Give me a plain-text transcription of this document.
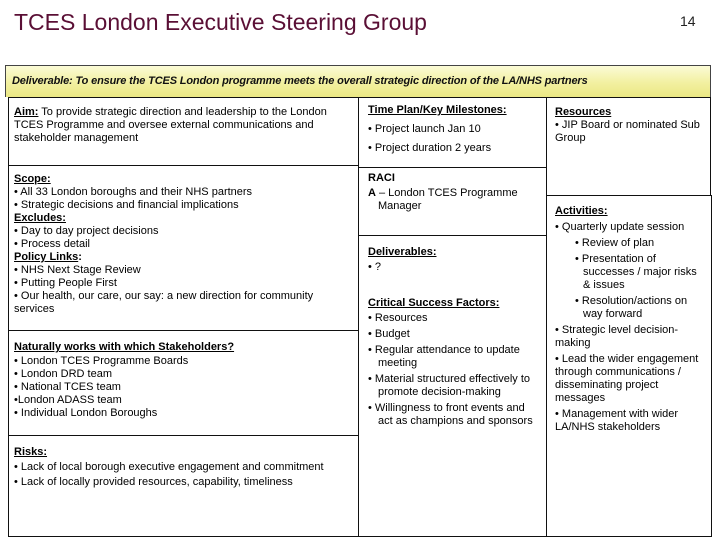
TCES London Executive Steering Group	14
Deliverable: To ensure the TCES London programme meets the overall strategic direction of the LA/NHS partners
Aim: To provide strategic direction and leadership to the London TCES Programme and oversee external communications and stakeholder management
Scope:
• All 33 London boroughs and their NHS partners
• Strategic decisions and financial implications
Excludes:
• Day to day project decisions
• Process detail
Policy Links:
• NHS Next Stage Review
• Putting People First
• Our health, our care, our say: a new direction for community services
Naturally works with which Stakeholders?
• London TCES Programme Boards
• London DRD team
• National TCES team
•London ADASS team
• Individual London Boroughs
Risks:
• Lack of local borough executive engagement and commitment
• Lack of locally provided resources, capability, timeliness
Time Plan/Key Milestones:
• Project launch Jan 10
• Project duration 2 years
RACI
A – London TCES Programme Manager
Deliverables:
• ?
Critical Success Factors:
• Resources
• Budget
• Regular attendance to update meeting
• Material structured effectively to promote decision-making
• Willingness to front events and act as champions and sponsors
Resources
• JIP Board or nominated Sub Group
Activities:
• Quarterly update session
• Review of plan
• Presentation of successes / major risks & issues
• Resolution/actions on way forward
• Strategic level decision-making
• Lead the wider engagement through communications / disseminating project messages
• Management with wider LA/NHS stakeholders
